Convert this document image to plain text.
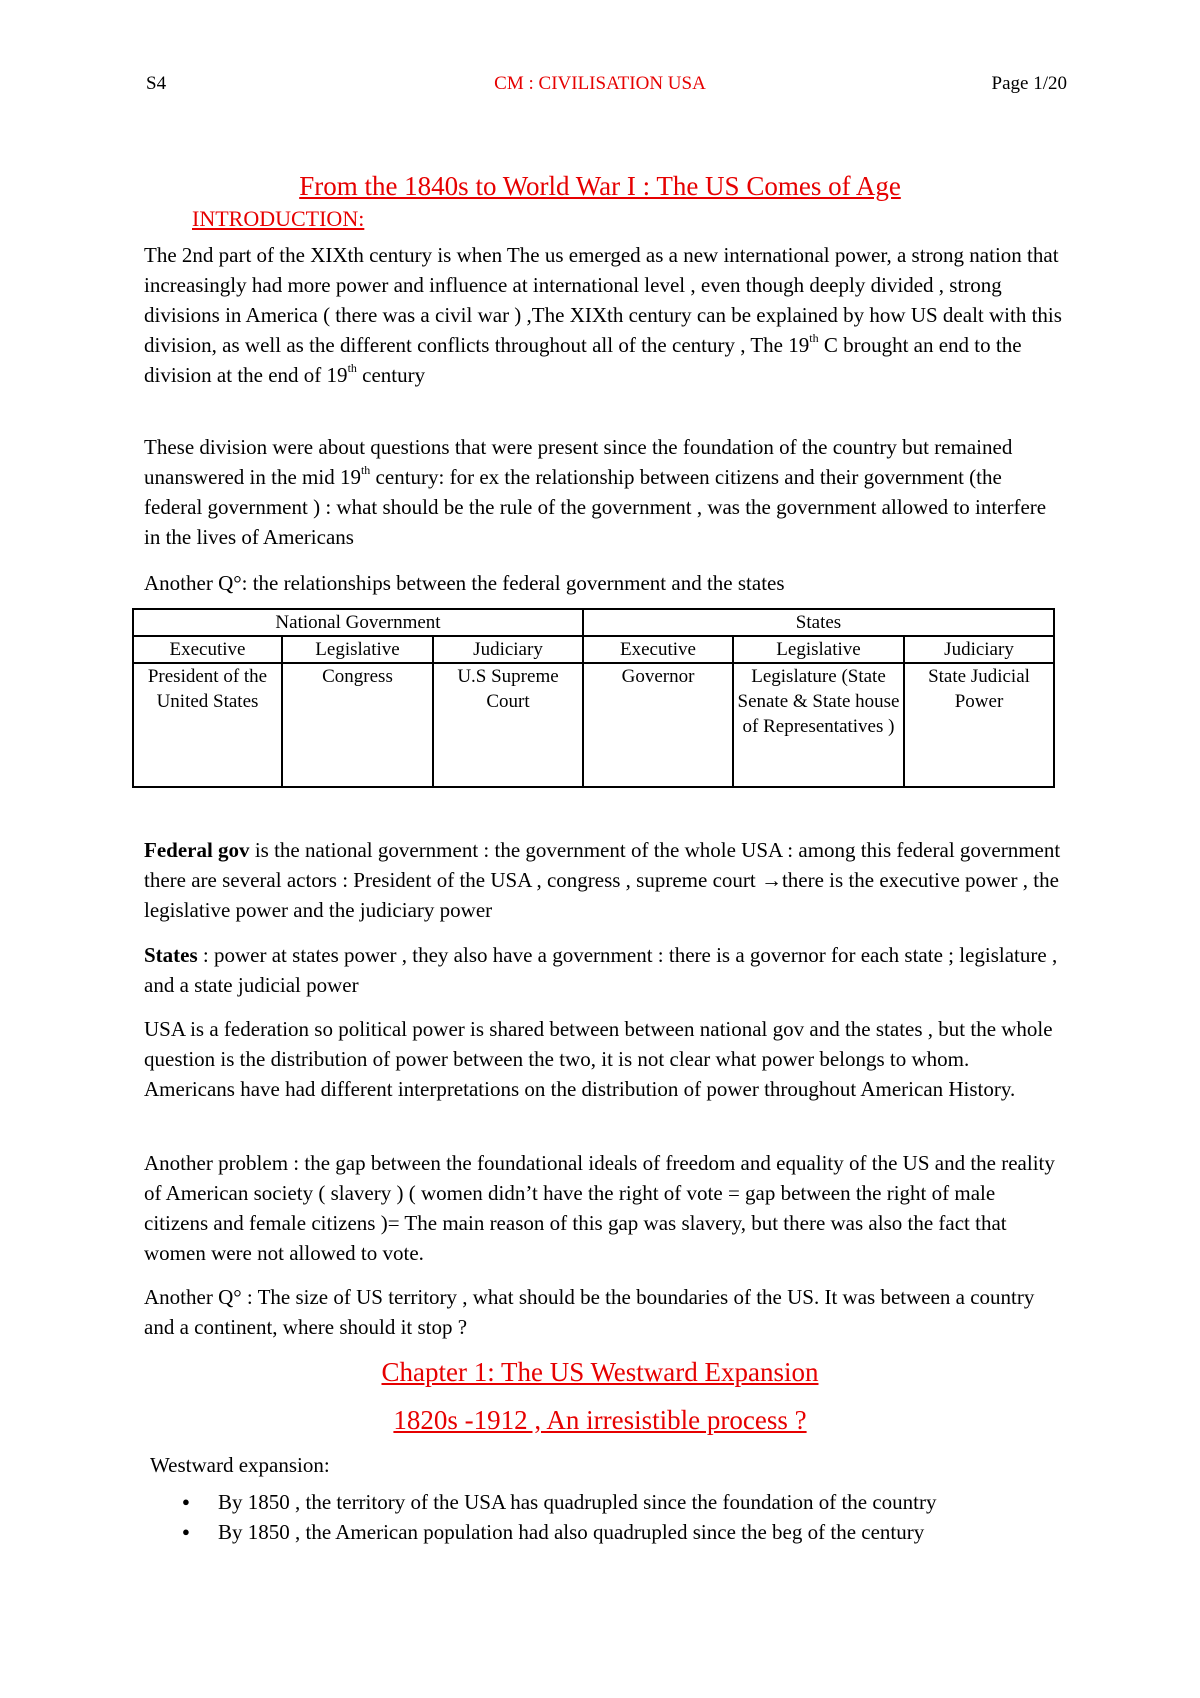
S4	CM : CIVILISATION USA	Page 1/20
From the 1840s to World War I : The US Comes of Age
INTRODUCTION:

The 2nd part of the XIXth century is when The us emerged as a new international power, a strong nation that increasingly had more power and influence at international level , even though deeply divided , strong divisions in America ( there was a civil war ) ,The XIXth century can be explained by how US dealt with this division, as well as the different conflicts throughout all of the century , The 19th C brought an end to the division at the end of 19th century

These division were about questions that were present since the foundation of the country but remained unanswered in the mid 19th century: for ex the relationship between citizens and their government (the federal government ) : what should be the rule of the government , was the government allowed to interfere in the lives of Americans

Another Q°: the relationships between the federal government and the states
National Government			States		
Executive	Legislative	Judiciary	Executive	Legislative	Judiciary
President of the United States	Congress	U.S Supreme Court	Governor	Legislature (State Senate & State house of Representatives )	State Judicial Power

Federal gov is the national government : the government of the whole USA : among this federal government there are several actors : President of the USA , congress , supreme court →there is the executive power , the legislative power and the judiciary power

States : power at states power , they also have a government : there is a governor for each state ; legislature , and a state judicial power

USA is a federation so political power is shared between between national gov and the states , but the whole question is the distribution of power between the two, it is not clear what power belongs to whom. Americans have had different interpretations on the distribution of power throughout American History.
Another problem : the gap between the foundational ideals of freedom and equality of the US and the reality of American society ( slavery ) ( women didn’t have the right of vote = gap between the right of male citizens and female citizens )= The main reason of this gap was slavery, but there was also the fact that women were not allowed to vote.
Another Q° : The size of US territory , what should be the boundaries of the US. It was between a country and a continent, where should it stop ?
Chapter 1: The US Westward Expansion
1820s -1912 , An irresistible process ?
Westward expansion:
● By 1850 , the territory of the USA has quadrupled since the foundation of the country
● By 1850 , the American population had also quadrupled since the beg of the century
